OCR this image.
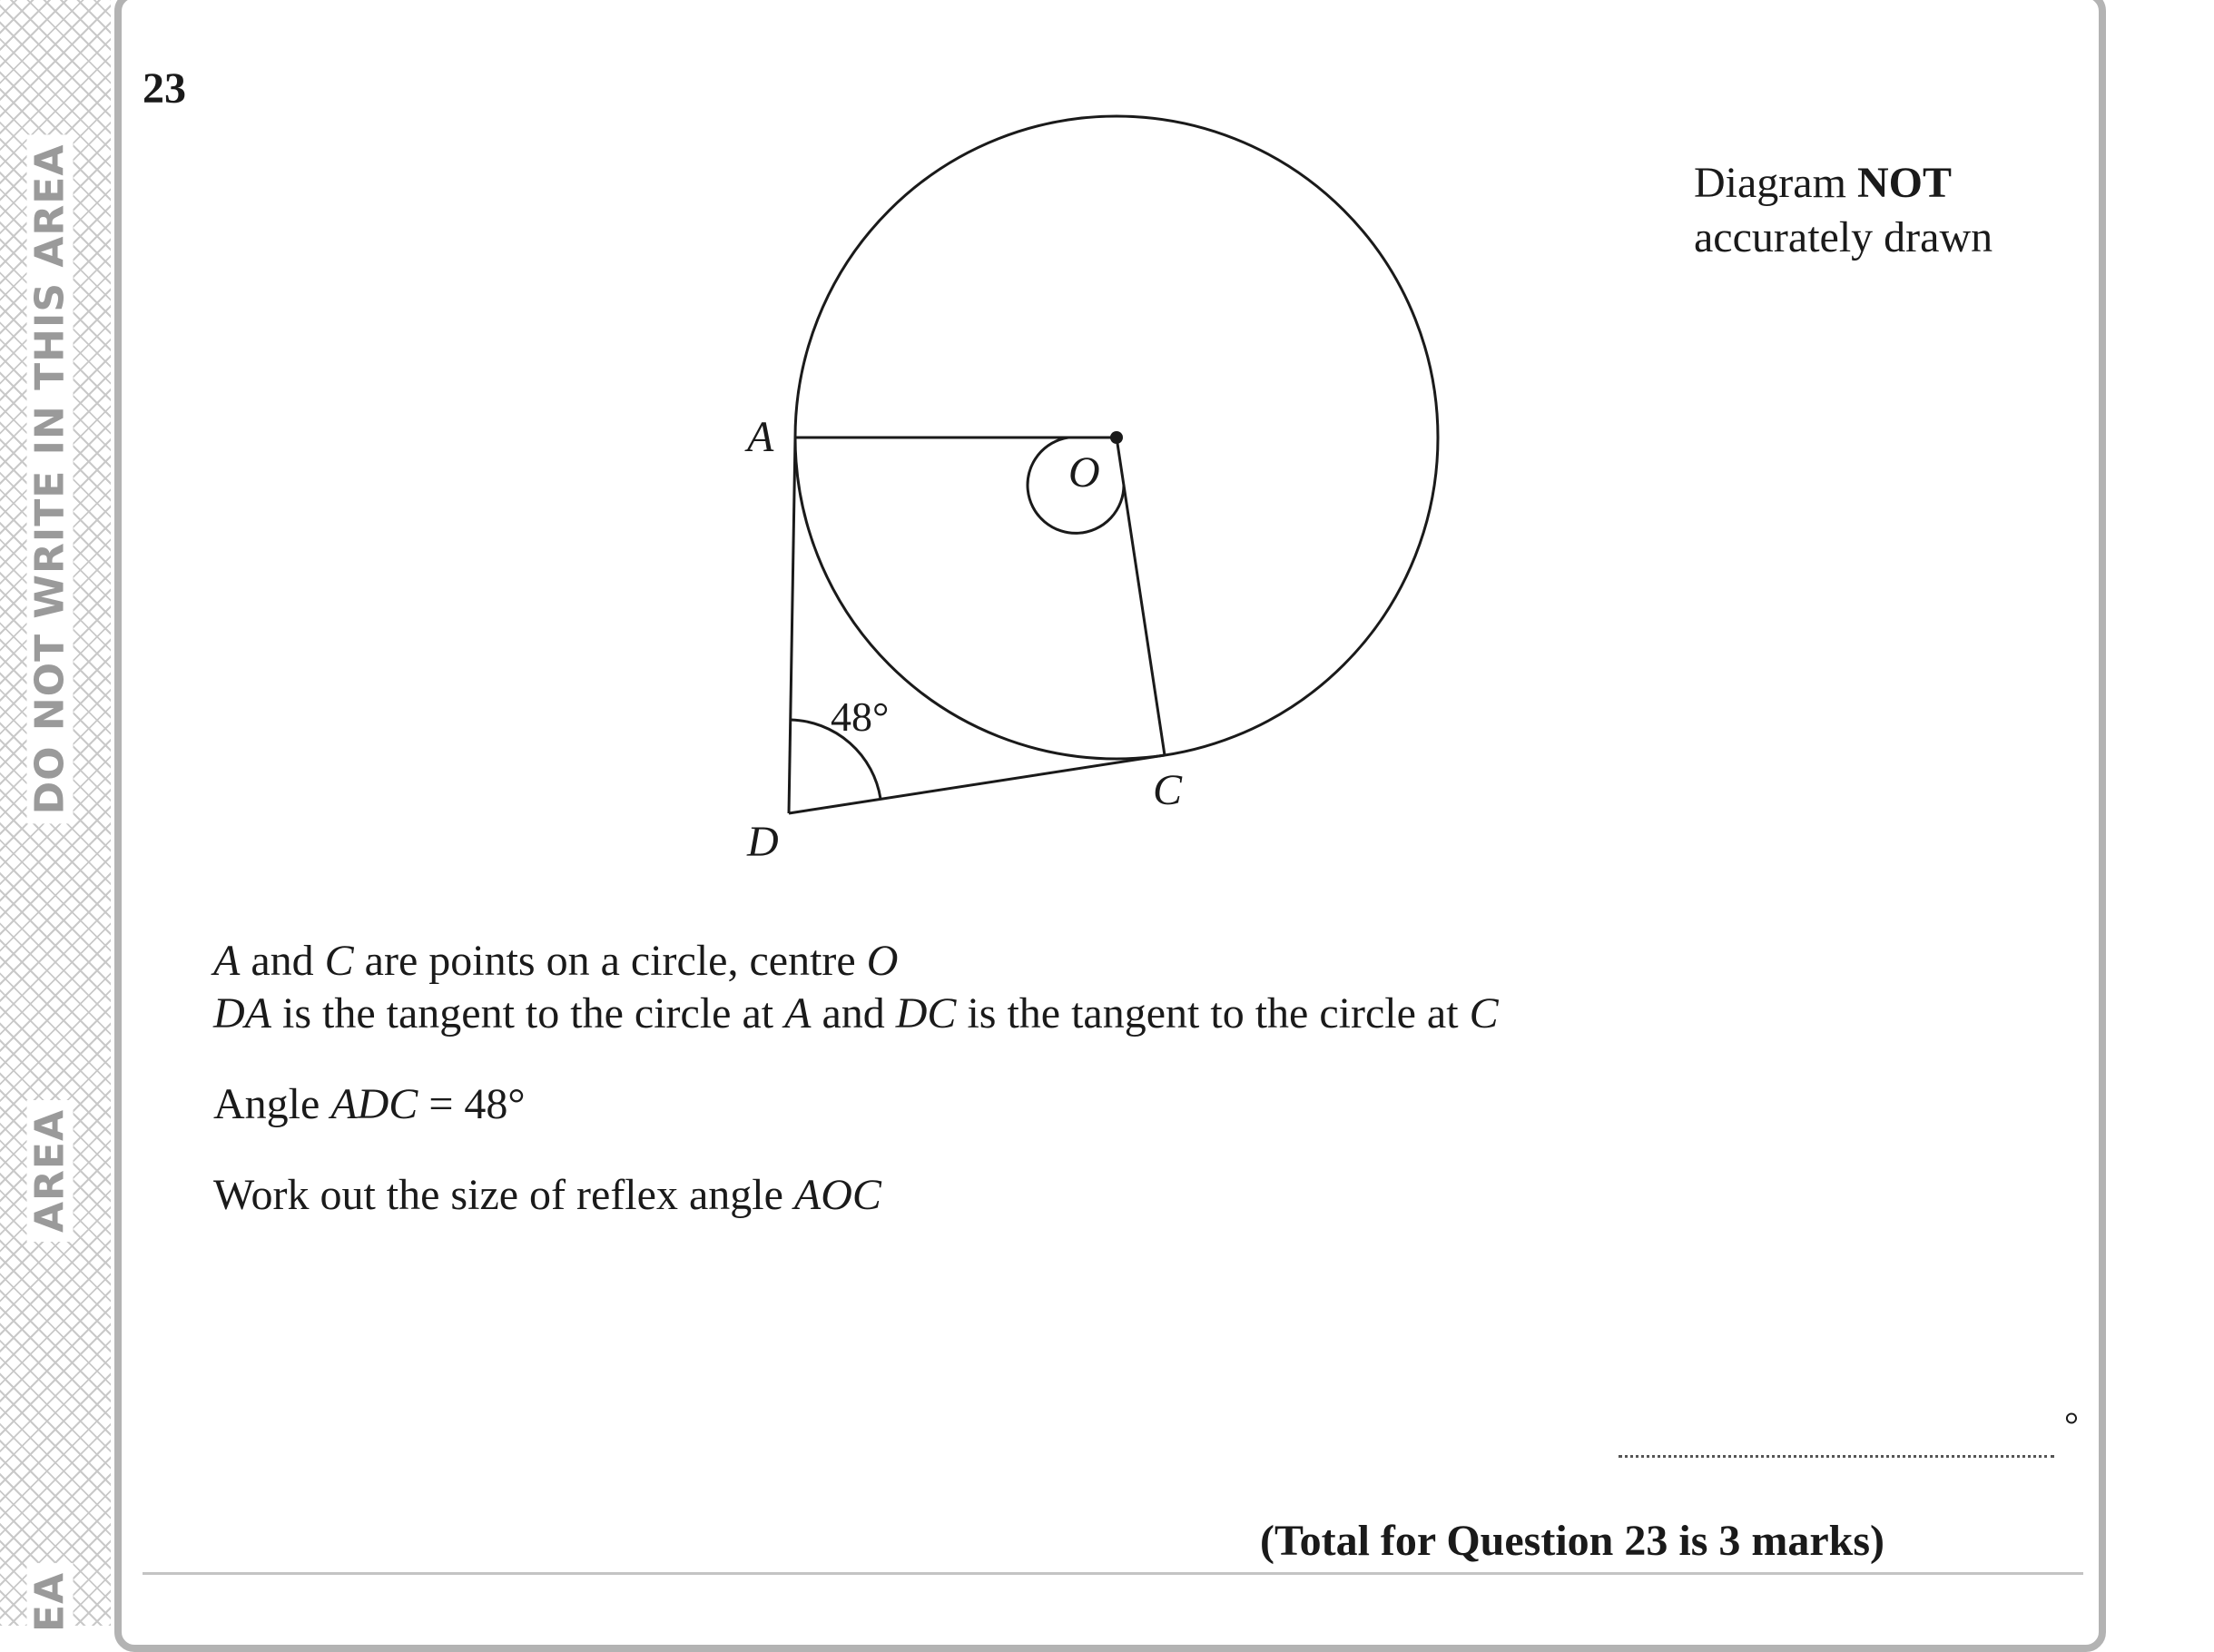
DO NOT WRITE IN THIS AREA
AREA
EA
23
Diagram NOT
accurately drawn
A
O
C
D
48°
A and C are points on a circle, centre O
DA is the tangent to the circle at A and DC is the tangent to the circle at C
Angle ADC = 48°
Work out the size of reflex angle AOC
°
(Total for Question 23 is 3 marks)
